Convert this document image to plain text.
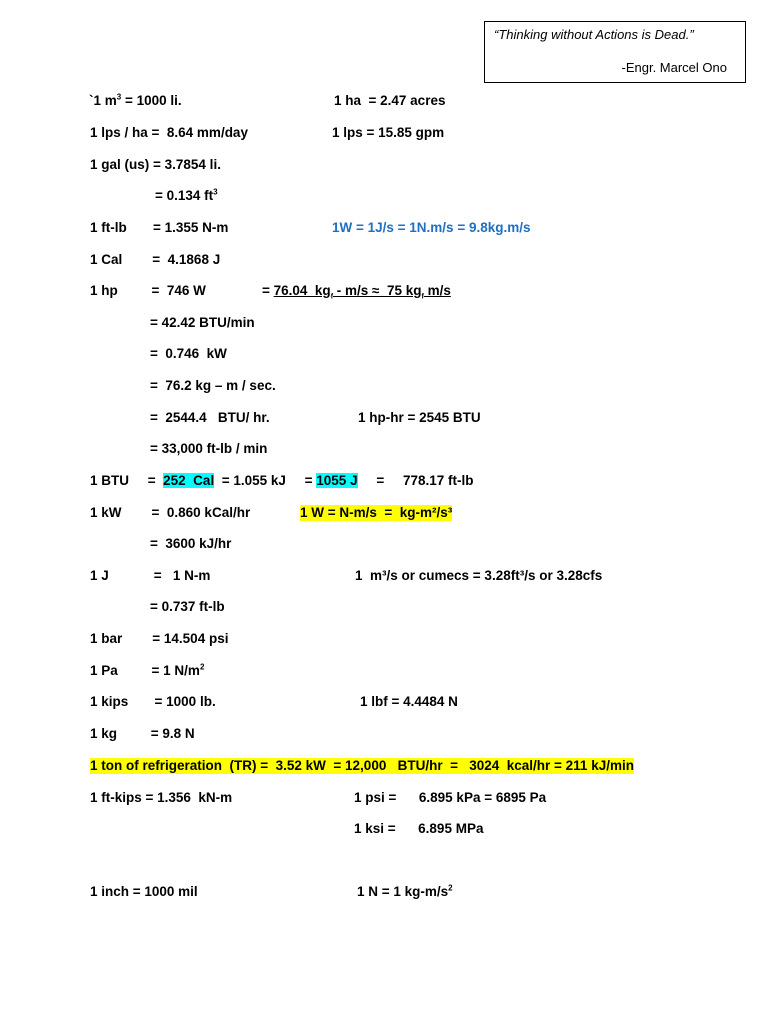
“Thinking without Actions is Dead.”
-Engr. Marcel Ono
`1 $m^3 = 1000$ li.	1 ha  = 2.47 acres
1 lps / ha =  8.64 mm/day	1 lps = 15.85 gpm
1 gal (us) = 3.7854 li.
= 0.134 $ft^3$
1 ft-lb       = 1.355 N-m	1W = 1J/s = 1N.m/s = 9.8kg.m/s
1 Cal        =  4.1868 J
1 hp         =  746 W	= 76.04  $kg_f - m/s \approx 75$ $kg_f$ m/s
= 42.42 BTU/min
=  0.746  kW
=  76.2 kg – m / sec.
=  2544.4   BTU/ hr.	1 hp-hr = 2545 BTU
= 33,000 ft-lb / min
1 BTU     =  252  Cal  = 1.055 kJ     = 1055 J     =     778.17 ft-lb
1 kW        =  0.860 kCal/hr	1 W = N-m/s  =  kg-m²/s³
=  3600 kJ/hr
1 J            =   1 N-m	1  m³/s or cumecs = 3.28ft³/s or 3.28cfs
= 0.737 ft-lb
1 bar        = 14.504 psi
1 Pa         = 1 $N/m^2$
1 kips       = 1000 lb.	1 lbf = 4.4484 N
1 kg         = 9.8 N
1 ton of refrigeration  (TR) =  3.52 kW  = 12,000   BTU/hr  =   3024  kcal/hr = 211 kJ/min
1 ft-kips = 1.356  kN-m	1 psi =      6.895 kPa = 6895 Pa
1 ksi =      6.895 MPa
1 inch = 1000 mil	1 N = 1 $kg-m/s^2$
